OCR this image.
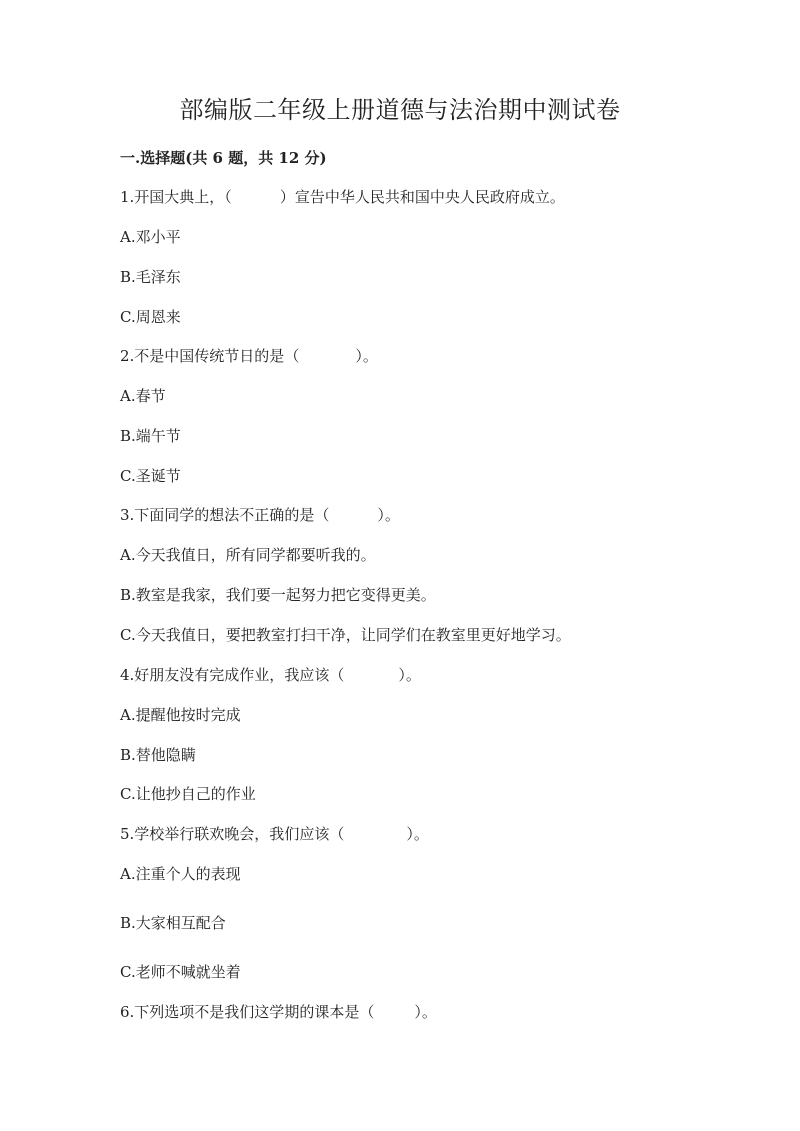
部编版二年级上册道德与法治期中测试卷

一.选择题(共 6 题，共 12 分)

1.开国大典上，（	）宣告中华人民共和国中央人民政府成立。

A.邓小平

B.毛泽东

C.周恩来

2.不是中国传统节日的是（	）。

A.春节

B.端午节

C.圣诞节

3.下面同学的想法不正确的是（	）。

A.今天我值日，所有同学都要听我的。

B.教室是我家，我们要一起努力把它变得更美。

C.今天我值日，要把教室打扫干净，让同学们在教室里更好地学习。

4.好朋友没有完成作业，我应该（	）。

A.提醒他按时完成

B.替他隐瞒

C.让他抄自己的作业

5.学校举行联欢晚会，我们应该（	）。

A.注重个人的表现

B.大家相互配合

C.老师不喊就坐着

6.下列选项不是我们这学期的课本是（	）。
